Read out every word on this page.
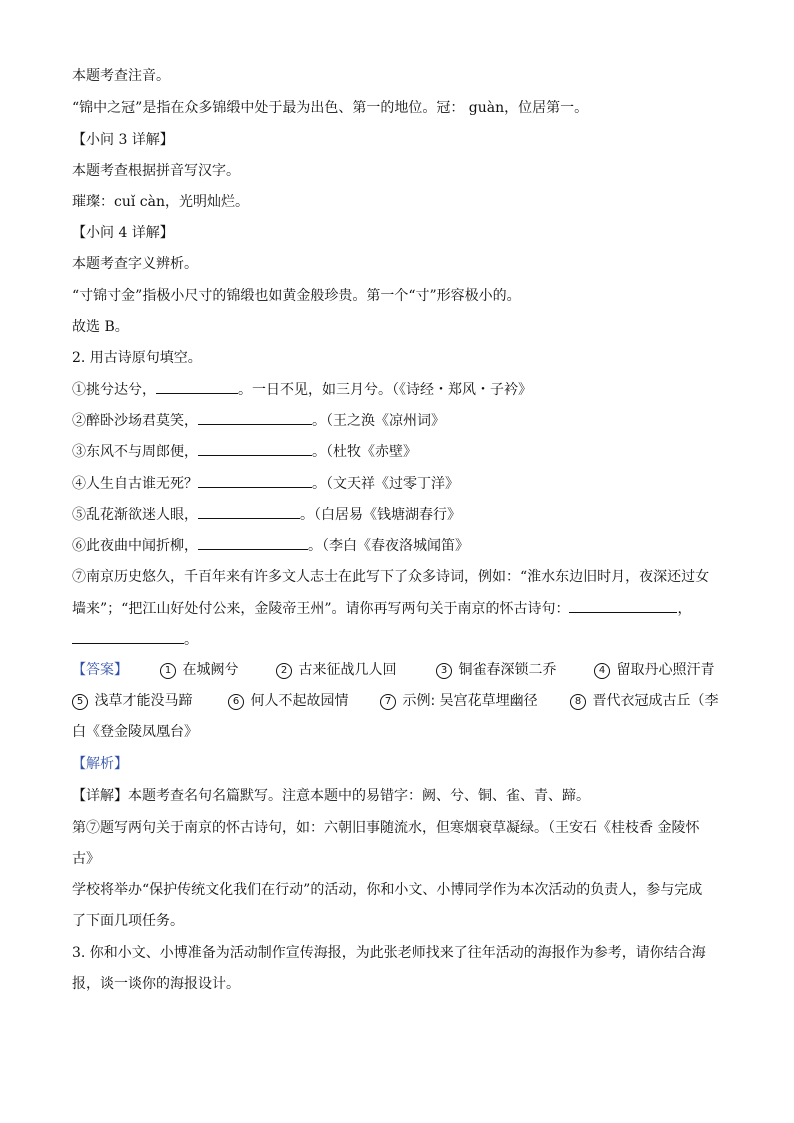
本题考查注音。
“锦中之冠”是指在众多锦缎中处于最为出色、第一的地位。冠： guàn，位居第一。
【小问 3 详解】
本题考查根据拼音写汉字。
璀璨：cuǐ càn，光明灿烂。
【小问 4 详解】
本题考查字义辨析。
“寸锦寸金”指极小尺寸的锦缎也如黄金般珍贵。第一个“寸”形容极小的。
故选 B。
2. 用古诗原句填空。
①挑兮达兮，	。一日不见，如三月兮。（《诗经・郑风・子衿》
②醉卧沙场君莫笑，	。（王之涣《凉州词》
③东风不与周郎便，	。（杜牧《赤壁》
④人生自古谁无死？	。（文天祥《过零丁洋》
⑤乱花渐欲迷人眼，	。（白居易《钱塘湖春行》
⑥此夜曲中闻折柳，	。（李白《春夜洛城闻笛》
⑦南京历史悠久，千百年来有许多文人志士在此写下了众多诗词，例如：“淮水东边旧时月，夜深还过女
墙来”；“把江山好处付公来，金陵帝王州”。请你再写两句关于南京的怀古诗句：	，
。
【答案】	1 在城阙兮	2 古来征战几人回	3 铜雀春深锁二乔	4 留取丹心照汗青
5 浅草才能没马蹄	6 何人不起故园情	7 示例: 吴宫花草埋幽径	8 晋代衣冠成古丘（李
白《登金陵凤凰台》
【解析】
【详解】本题考查名句名篇默写。注意本题中的易错字：阙、兮、铜、雀、青、蹄。
第⑦题写两句关于南京的怀古诗句，如：六朝旧事随流水，但寒烟衰草凝绿。（王安石《桂枝香 金陵怀
古》
学校将举办“保护传统文化我们在行动”的活动，你和小文、小博同学作为本次活动的负责人，参与完成
了下面几项任务。
3. 你和小文、小博准备为活动制作宣传海报，为此张老师找来了往年活动的海报作为参考，请你结合海
报，谈一谈你的海报设计。
